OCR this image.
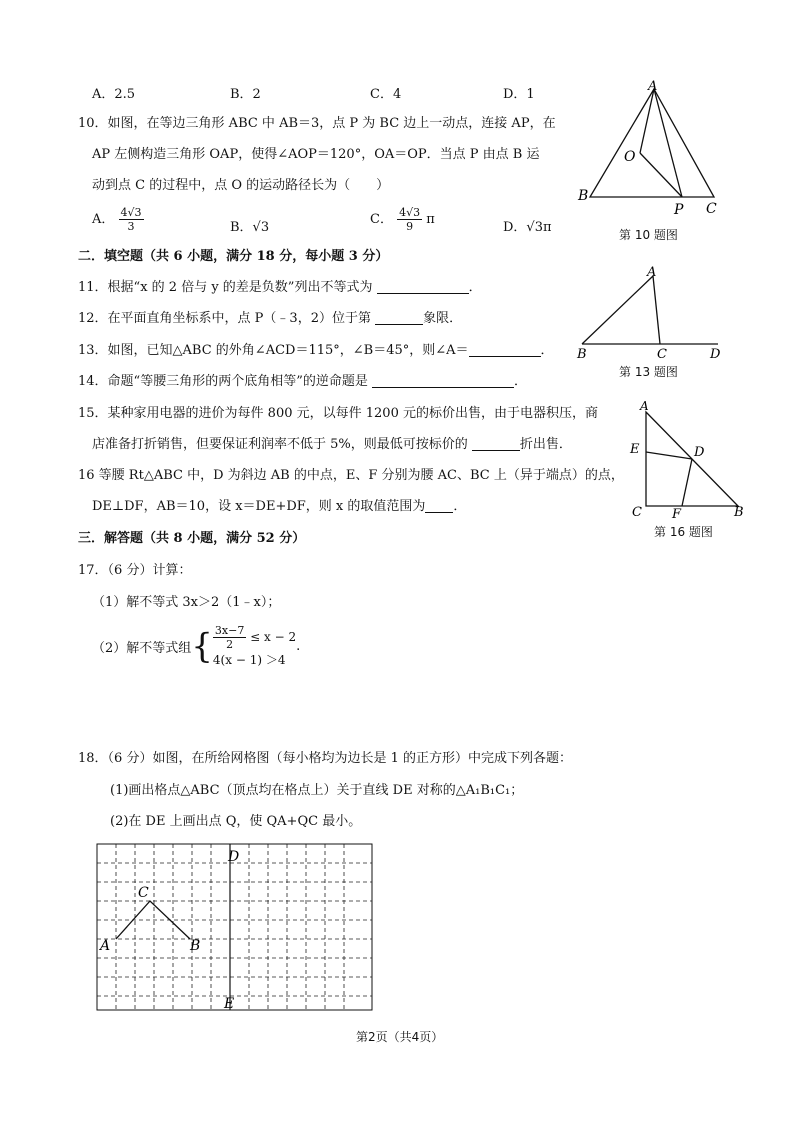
A．2.5	B．2	C．4	D．1
10．如图，在等边三角形 ABC 中 AB＝3，点 P 为 BC 边上一动点，连接 AP，在
AP 左侧构造三角形 OAP，使得∠AOP＝120°，OA＝OP．当点 P 由点 B 运
动到点 C 的过程中，点 O 的运动路径长为（　　）
A． $\frac{4√3}{3}$	B．√3
C． $\frac{4√3}{9}$ π
D．√3π
A
B
C
O
P
第 10 题图
二．填空题（共 6 小题，满分 18 分，每小题 3 分）
11．根据“x 的 2 倍与 y 的差是负数”列出不等式为	．
12．在平面直角坐标系中，点 P（﹣3，2）位于第	象限．
13．如图，已知△ABC 的外角∠ACD＝115°，∠B＝45°，则∠A＝	．
A
B	C	D
第 13 题图
14．命题“等腰三角形的两个底角相等”的逆命题是	．
15．某种家用电器的进价为每件 800 元，以每件 1200 元的标价出售，由于电器积压，商
店准备打折销售，但要保证利润率不低于 5%，则最低可按标价的	折出售．
16 等腰 Rt△ABC 中，D 为斜边 AB 的中点，E、F 分别为腰 AC、BC 上（异于端点）的点，
DE⊥DF，AB＝10，设 x＝DE+DF，则 x 的取值范围为 ．
A
E	D
C F	B
第 16 题图
三．解答题（共 8 小题，满分 52 分）
17．（6 分）计算：
（1）解不等式 3x＞2（1﹣x）；
（2）解不等式组{ $\frac{3x-7}{2} \le x - 2$
4(x − 1) ＞4
.
18．（6 分）如图，在所给网格图（每小格均为边长是 1 的正方形）中完成下列各题：
(1)画出格点△ABC（顶点均在格点上）关于直线 DE 对称的△A₁B₁C₁；
(2)在 DE 上画出点 Q，使 QA+QC 最小。
A	B
C
D
E
第2页（共4页）
